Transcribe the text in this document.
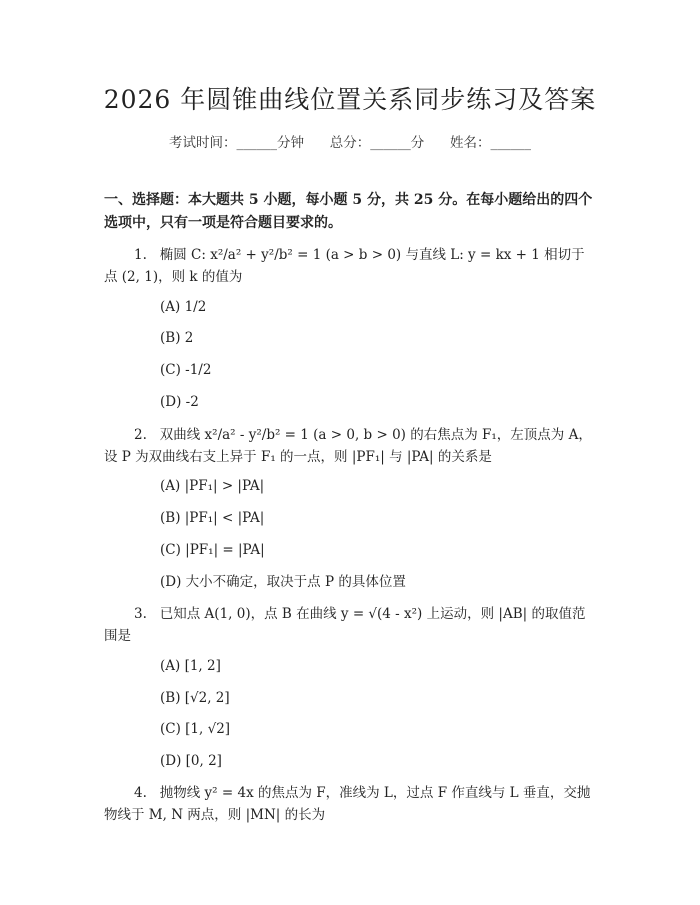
2026 年圆锥曲线位置关系同步练习及答案
考试时间：______分钟 总分：______分 姓名：______
一、选择题：本大题共 5 小题，每小题 5 分，共 25 分。在每小题给出的四个选项中，只有一项是符合题目要求的。
1. 椭圆 C: x²/a² + y²/b² = 1 (a > b > 0) 与直线 L: y = kx + 1 相切于点 (2, 1)，则 k 的值为
(A) 1/2
(B) 2
(C) -1/2
(D) -2
2. 双曲线 x²/a² - y²/b² = 1 (a > 0, b > 0) 的右焦点为 F₁，左顶点为 A，设 P 为双曲线右支上异于 F₁ 的一点，则 |PF₁| 与 |PA| 的关系是
(A) |PF₁| > |PA|
(B) |PF₁| < |PA|
(C) |PF₁| = |PA|
(D) 大小不确定，取决于点 P 的具体位置
3. 已知点 A(1, 0)，点 B 在曲线 y = √(4 - x²) 上运动，则 |AB| 的取值范围是
(A) [1, 2]
(B) [√2, 2]
(C) [1, √2]
(D) [0, 2]
4. 抛物线 y² = 4x 的焦点为 F，准线为 L，过点 F 作直线与 L 垂直，交抛物线于 M, N 两点，则 |MN| 的长为
